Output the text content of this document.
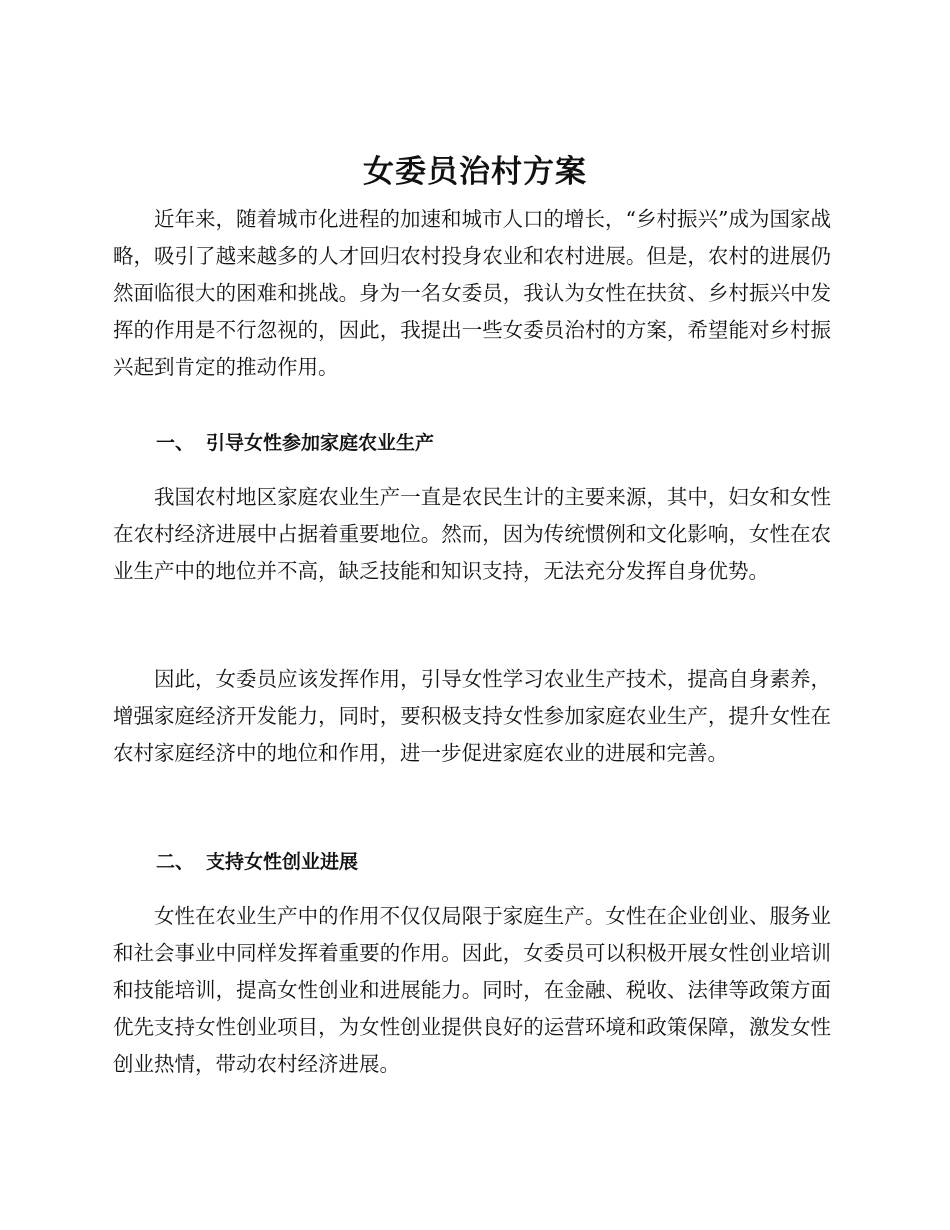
女委员治村方案

近年来，随着城市化进程的加速和城市人口的增长，“乡村振兴”成为国家战略，吸引了越来越多的人才回归农村投身农业和农村进展。但是，农村的进展仍然面临很大的困难和挑战。身为一名女委员，我认为女性在扶贫、乡村振兴中发挥的作用是不行忽视的，因此，我提出一些女委员治村的方案，希望能对乡村振兴起到肯定的推动作用。

一、 引导女性参加家庭农业生产

我国农村地区家庭农业生产一直是农民生计的主要来源，其中，妇女和女性在农村经济进展中占据着重要地位。然而，因为传统惯例和文化影响，女性在农业生产中的地位并不高，缺乏技能和知识支持，无法充分发挥自身优势。

因此，女委员应该发挥作用，引导女性学习农业生产技术，提高自身素养，增强家庭经济开发能力，同时，要积极支持女性参加家庭农业生产，提升女性在农村家庭经济中的地位和作用，进一步促进家庭农业的进展和完善。

二、 支持女性创业进展

女性在农业生产中的作用不仅仅局限于家庭生产。女性在企业创业、服务业和社会事业中同样发挥着重要的作用。因此，女委员可以积极开展女性创业培训和技能培训，提高女性创业和进展能力。同时，在金融、税收、法律等政策方面优先支持女性创业项目，为女性创业提供良好的运营环境和政策保障，激发女性创业热情，带动农村经济进展。
